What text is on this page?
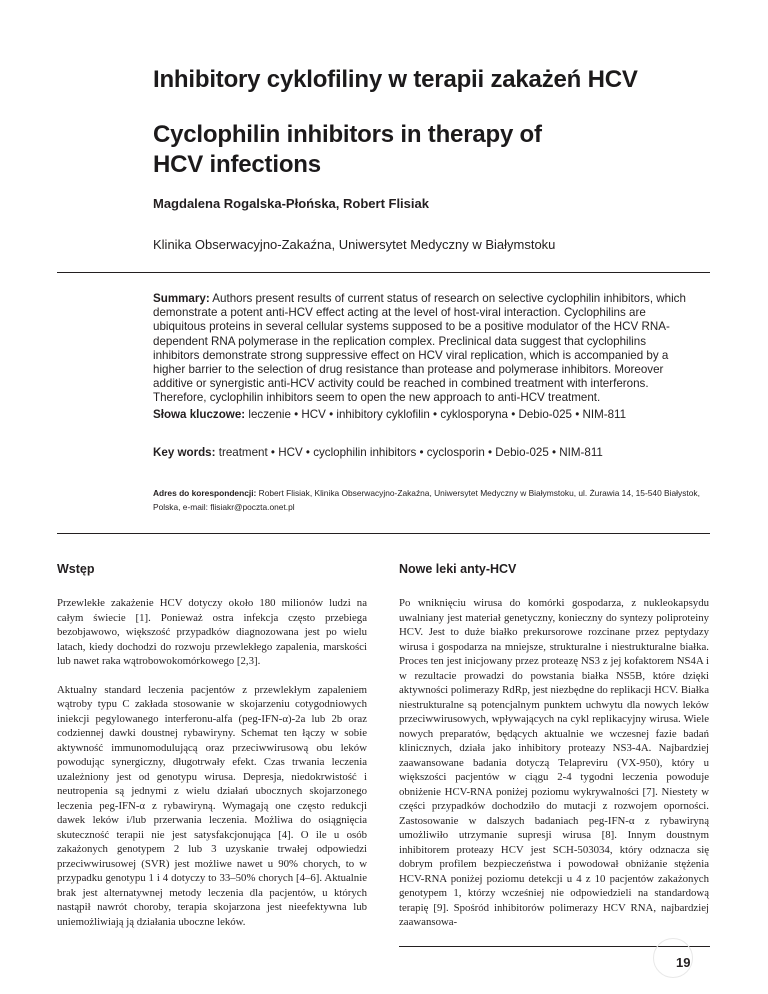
Inhibitory cyklofiliny w terapii zakażeń HCV
Cyclophilin inhibitors in therapy of HCV infections

Magdalena Rogalska-Płońska, Robert Flisiak

Klinika Obserwacyjno-Zakaźna, Uniwersytet Medyczny w Białymstoku

Summary: Authors present results of current status of research on selective cyclophilin inhibitors, which demonstrate a potent anti-HCV effect acting at the level of host-viral interaction. Cyclophilins are ubiquitous proteins in several cellular systems supposed to be a positive modulator of the HCV RNA-dependent RNA polymerase in the replication complex. Preclinical data suggest that cyclophilins inhibitors demonstrate strong suppressive effect on HCV viral replication, which is accompanied by a higher barrier to the selection of drug resistance than protease and polymerase inhibitors. Moreover additive or synergistic anti-HCV activity could be reached in combined treatment with interferons. Therefore, cyclophilin inhibitors seem to open the new approach to anti-HCV treatment.

Słowa kluczowe: leczenie • HCV • inhibitory cyklofilin • cyklosporyna • Debio-025 • NIM-811

Key words: treatment • HCV • cyclophilin inhibitors • cyclosporin • Debio-025 • NIM-811

Adres do korespondencji: Robert Flisiak, Klinika Obserwacyjno-Zakaźna, Uniwersytet Medyczny w Białymstoku, ul. Żurawia 14, 15-540 Białystok, Polska, e-mail: flisiakr@poczta.onet.pl

Wstęp

Przewlekłe zakażenie HCV dotyczy około 180 milionów ludzi na całym świecie [1]. Ponieważ ostra infekcja często przebiega bezobjawowo, większość przypadków diagnozowana jest po wielu latach, kiedy dochodzi do rozwoju przewlekłego zapalenia, marskości lub nawet raka wątrobowokomórkowego [2,3].

Aktualny standard leczenia pacjentów z przewlekłym zapaleniem wątroby typu C zakłada stosowanie w skojarzeniu cotygodniowych iniekcji pegylowanego interferonu-alfa (peg-IFN-α)-2a lub 2b oraz codziennej dawki doustnej rybawiryny. Schemat ten łączy w sobie aktywność immunomodulującą oraz przeciwwirusową obu leków powodując synergiczny, długotrwały efekt. Czas trwania leczenia uzależniony jest od genotypu wirusa. Depresja, niedokrwistość i neutropenia są jednymi z wielu działań ubocznych skojarzonego leczenia peg-IFN-α z rybawiryną. Wymagają one często redukcji dawek leków i/lub przerwania leczenia. Możliwa do osiągnięcia skuteczność terapii nie jest satysfakcjonująca [4]. O ile u osób zakażonych genotypem 2 lub 3 uzyskanie trwałej odpowiedzi przeciwwirusowej (SVR) jest możliwe nawet u 90% chorych, to w przypadku genotypu 1 i 4 dotyczy to 33–50% chorych [4–6]. Aktualnie brak jest alternatywnej metody leczenia dla pacjentów, u których nastąpił nawrót choroby, terapia skojarzona jest nieefektywna lub uniemożliwiają ją działania uboczne leków.

Nowe leki anty-HCV

Po wniknięciu wirusa do komórki gospodarza, z nukleokapsydu uwalniany jest materiał genetyczny, konieczny do syntezy poliproteiny HCV. Jest to duże białko prekursorowe rozcinane przez peptydazy wirusa i gospodarza na mniejsze, strukturalne i niestrukturalne białka. Proces ten jest inicjowany przez proteazę NS3 z jej kofaktorem NS4A i w rezultacie prowadzi do powstania białka NS5B, które dzięki aktywności polimerazy RdRp, jest niezbędne do replikacji HCV. Białka niestrukturalne są potencjalnym punktem uchwytu dla nowych leków przeciwwirusowych, wpływających na cykl replikacyjny wirusa. Wiele nowych preparatów, będących aktualnie we wczesnej fazie badań klinicznych, działa jako inhibitory proteazy NS3-4A. Najbardziej zaawansowane badania dotyczą Telapreviru (VX-950), który u większości pacjentów w ciągu 2-4 tygodni leczenia powoduje obniżenie HCV-RNA poniżej poziomu wykrywalności [7]. Niestety w części przypadków dochodziło do mutacji z rozwojem oporności. Zastosowanie w dalszych badaniach peg-IFN-α z rybawiryną umożliwiło utrzymanie supresji wirusa [8]. Innym doustnym inhibitorem proteazy HCV jest SCH-503034, który odznacza się dobrym profilem bezpieczeństwa i powodował obniżanie stężenia HCV-RNA poniżej poziomu detekcji u 4 z 10 pacjentów zakażonych genotypem 1, którzy wcześniej nie odpowiedzieli na standardową terapię [9]. Spośród inhibitorów polimerazy HCV RNA, najbardziej zaawansowa-

19
